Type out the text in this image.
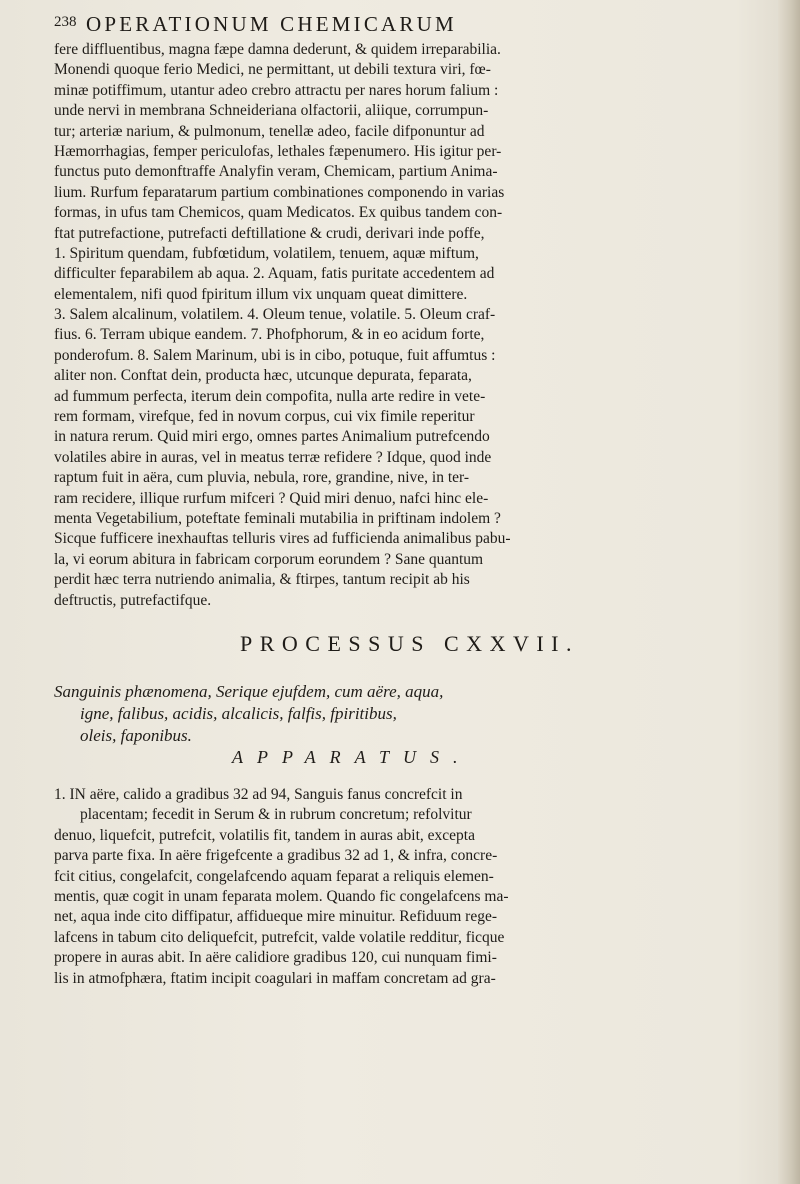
238 OPERATIONUM CHEMICARUM
fere diffluentibus, magna fæpe damna dederunt, & quidem irreparabilia.
Monendi quoque ferio Medici, ne permittant, ut debili textura viri, fœ-
minæ potiffimum, utantur adeo crebro attractu per nares horum falium :
unde nervi in membrana Schneideriana olfactorii, aliique, corrumpun-
tur; arteriæ narium, & pulmonum, tenellæ adeo, facile difponuntur ad
Hæmorrhagias, femper periculofas, lethales fæpenumero. His igitur per-
functus puto demonftraffe Analyfin veram, Chemicam, partium Anima-
lium. Rurfum feparatarum partium combinationes componendo in varias
formas, in ufus tam Chemicos, quam Medicatos. Ex quibus tandem con-
ftat putrefactione, putrefacti deftillatione & crudi, derivari inde poffe,
1. Spiritum quendam, fubfœtidum, volatilem, tenuem, aquæ miftum,
difficulter feparabilem ab aqua. 2. Aquam, fatis puritate accedentem ad
elementalem, nifi quod fpiritum illum vix unquam queat dimittere.
3. Salem alcalinum, volatilem. 4. Oleum tenue, volatile. 5. Oleum craf-
fius. 6. Terram ubique eandem. 7. Phofphorum, & in eo acidum forte,
ponderofum. 8. Salem Marinum, ubi is in cibo, potuque, fuit affumtus :
aliter non. Conftat dein, producta hæc, utcunque depurata, feparata,
ad fummum perfecta, iterum dein compofita, nulla arte redire in vete-
rem formam, virefque, fed in novum corpus, cui vix fimile reperitur
in natura rerum. Quid miri ergo, omnes partes Animalium putrefcendo
volatiles abire in auras, vel in meatus terræ refidere ? Idque, quod inde
raptum fuit in aëra, cum pluvia, nebula, rore, grandine, nive, in ter-
ram recidere, illique rurfum mifceri ? Quid miri denuo, nafci hinc ele-
menta Vegetabilium, poteftate feminali mutabilia in priftinam indolem ?
Sicque fufficere inexhauftas telluris vires ad fufficienda animalibus pabu-
la, vi eorum abitura in fabricam corporum eorundem ? Sane quantum
perdit hæc terra nutriendo animalia, & ftirpes, tantum recipit ab his
deftructis, putrefactifque.
PROCESSUS CXXVII.
Sanguinis phænomena, Serique ejufdem, cum aëre, aqua,
igne, falibus, acidis, alcalicis, falfis, fpiritibus,
oleis, faponibus.
APPARATUS.
1. IN aëre, calido a gradibus 32 ad 94, Sanguis fanus concrefcit in
placentam; fecedit in Serum & in rubrum concretum; refolvitur
denuo, liquefcit, putrefcit, volatilis fit, tandem in auras abit, excepta
parva parte fixa. In aëre frigefcente a gradibus 32 ad 1, & infra, concre-
fcit citius, congelafcit, congelafcendo aquam feparat a reliquis elemen-
mentis, quæ cogit in unam feparata molem. Quando fic congelafcens ma-
net, aqua inde cito diffipatur, affidueque mire minuitur. Refiduum rege-
lafcens in tabum cito deliquefcit, putrefcit, valde volatile redditur, ficque
propere in auras abit. In aëre calidiore gradibus 120, cui nunquam fimi-
lis in atmofphæra, ftatim incipit coagulari in maffam concretam ad gra-
